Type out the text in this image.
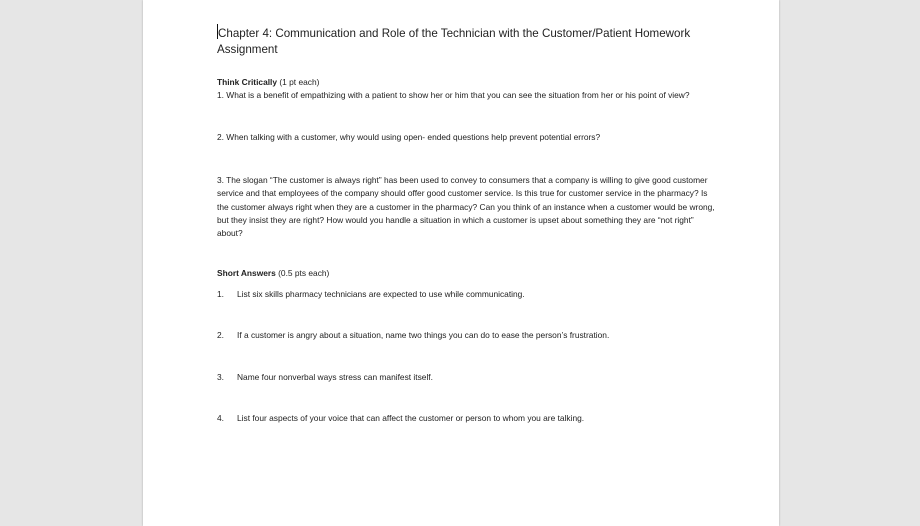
Chapter 4: Communication and Role of the Technician with the Customer/Patient Homework Assignment
Think Critically (1 pt each)
1. What is a benefit of empathizing with a patient to show her or him that you can see the situation from her or his point of view?
2. When talking with a customer, why would using open- ended questions help prevent potential errors?
3. The slogan “The customer is always right” has been used to convey to consumers that a company is willing to give good customer service and that employees of the company should offer good customer service. Is this true for customer service in the pharmacy? Is the customer always right when they are a customer in the pharmacy? Can you think of an instance when a customer would be wrong, but they insist they are right? How would you handle a situation in which a customer is upset about something they are “not right” about?
Short Answers (0.5 pts each)
1.	List six skills pharmacy technicians are expected to use while communicating.
2.	If a customer is angry about a situation, name two things you can do to ease the person’s frustration.
3.	Name four nonverbal ways stress can manifest itself.
4.	List four aspects of your voice that can affect the customer or person to whom you are talking.
